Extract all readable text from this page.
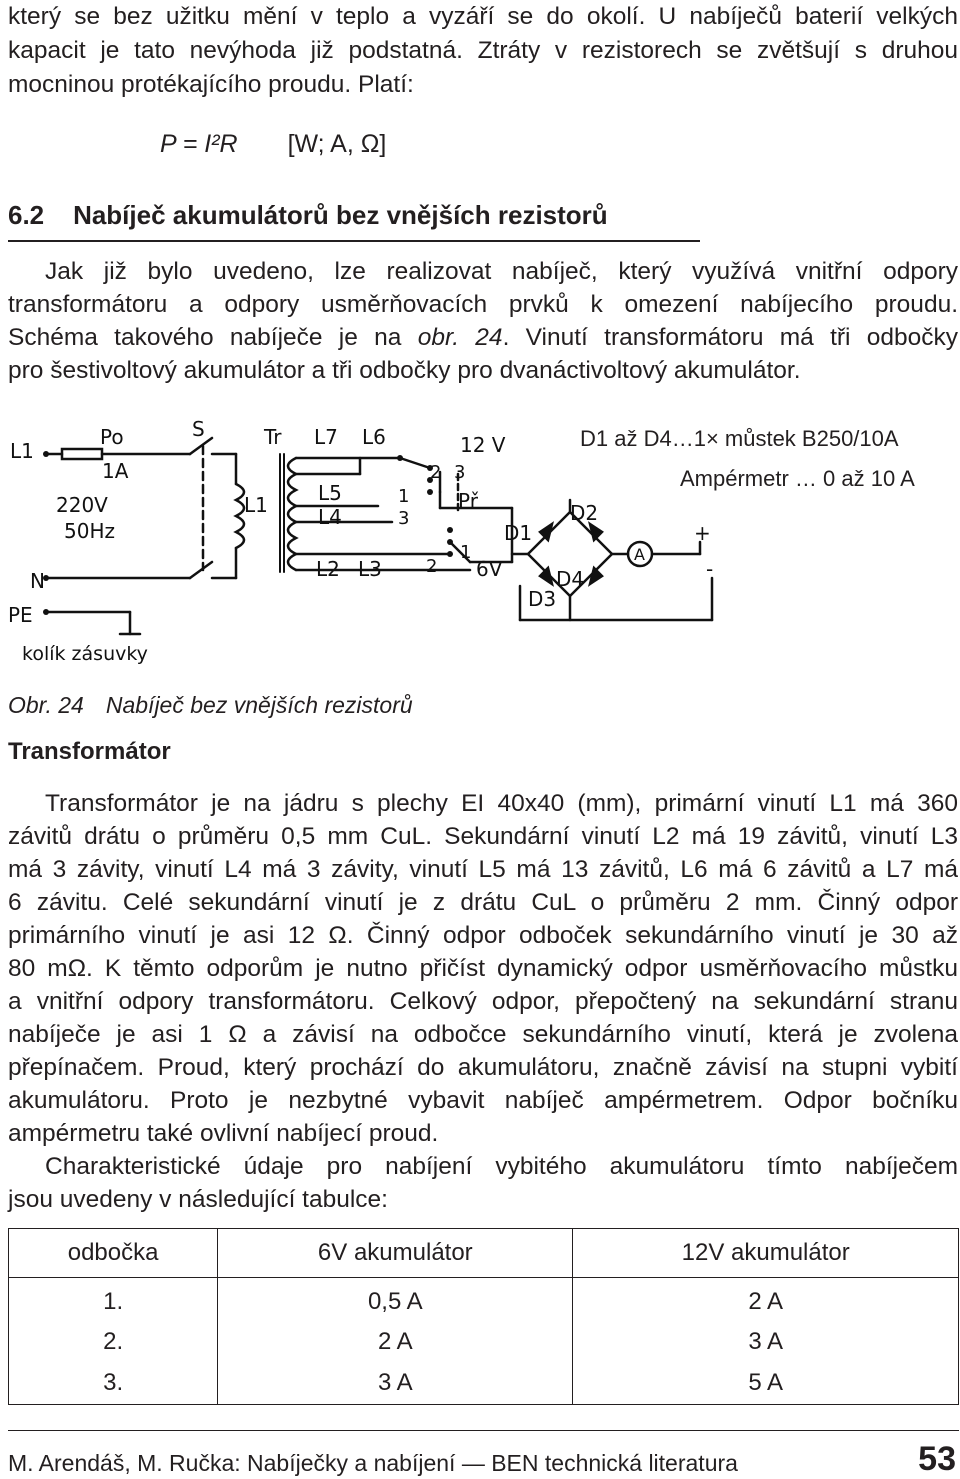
který se bez užitku mění v teplo a vyzáří se do okolí. U nabíječů baterií velkých

kapacit je tato nevýhoda již podstatná. Ztráty v rezistorech se zvětšují s druhou

mocninou protékajícího proudu. Platí:

P = I²R [W; A, Ω]
6.2 Nabíječ akumulátorů bez vnějších rezistorů

Jak již bylo uvedeno, lze realizovat nabíječ, který využívá vnitřní odpory

transformátoru a odpory usměrňovacích prvků k omezení nabíjecího proudu.

Schéma takového nabíječe je na obr. 24. Vinutí transformátoru má tři odbočky

pro šestivoltový akumulátor a tři odbočky pro dvanáctivoltový akumulátor.

D1 až D4…1× můstek B250/10A
Ampérmetr … 0 až 10 A
L1
N
PE
Po
1A
220V
50Hz
S	Tr
L1
L7 L6	12 V
L5
L4
L2 L3
2 3
1
3
1
2
Př
6V
D1
D2
D3
D4
A
+
-
kolík zásuvky
Obr. 24 Nabíječ bez vnějších rezistorů
Transformátor

Transformátor je na jádru s plechy EI 40x40 (mm), primární vinutí L1 má 360

závitů drátu o průměru 0,5 mm CuL. Sekundární vinutí L2 má 19 závitů, vinutí L3

má 3 závity, vinutí L4 má 3 závity, vinutí L5 má 13 závitů, L6 má 6 závitů a L7 má

6 závitu. Celé sekundární vinutí je z drátu CuL o průměru 2 mm. Činný odpor

primárního vinutí je asi 12 Ω. Činný odpor odboček sekundárního vinutí je 30 až

80 mΩ. K těmto odporům je nutno přičíst dynamický odpor usměrňovacího můstku

a vnitřní odpory transformátoru. Celkový odpor, přepočtený na sekundární stranu

nabíječe je asi 1 Ω a závisí na odbočce sekundárního vinutí, která je zvolena

přepínačem. Proud, který prochází do akumulátoru, značně závisí na stupni vybití

akumulátoru. Proto je nezbytné vybavit nabíječ ampérmetrem. Odpor bočníku

ampérmetru také ovlivní nabíjecí proud.

Charakteristické údaje pro nabíjení vybitého akumulátoru tímto nabíječem

jsou uvedeny v následující tabulce:

odbočka	6V akumulátor	12V akumulátor
1.	0,5 A	2 A
2.	2 A	3 A
3.	3 A	5 A
M. Arendáš, M. Ručka: Nabíječky a nabíjení — BEN technická literatura	53
